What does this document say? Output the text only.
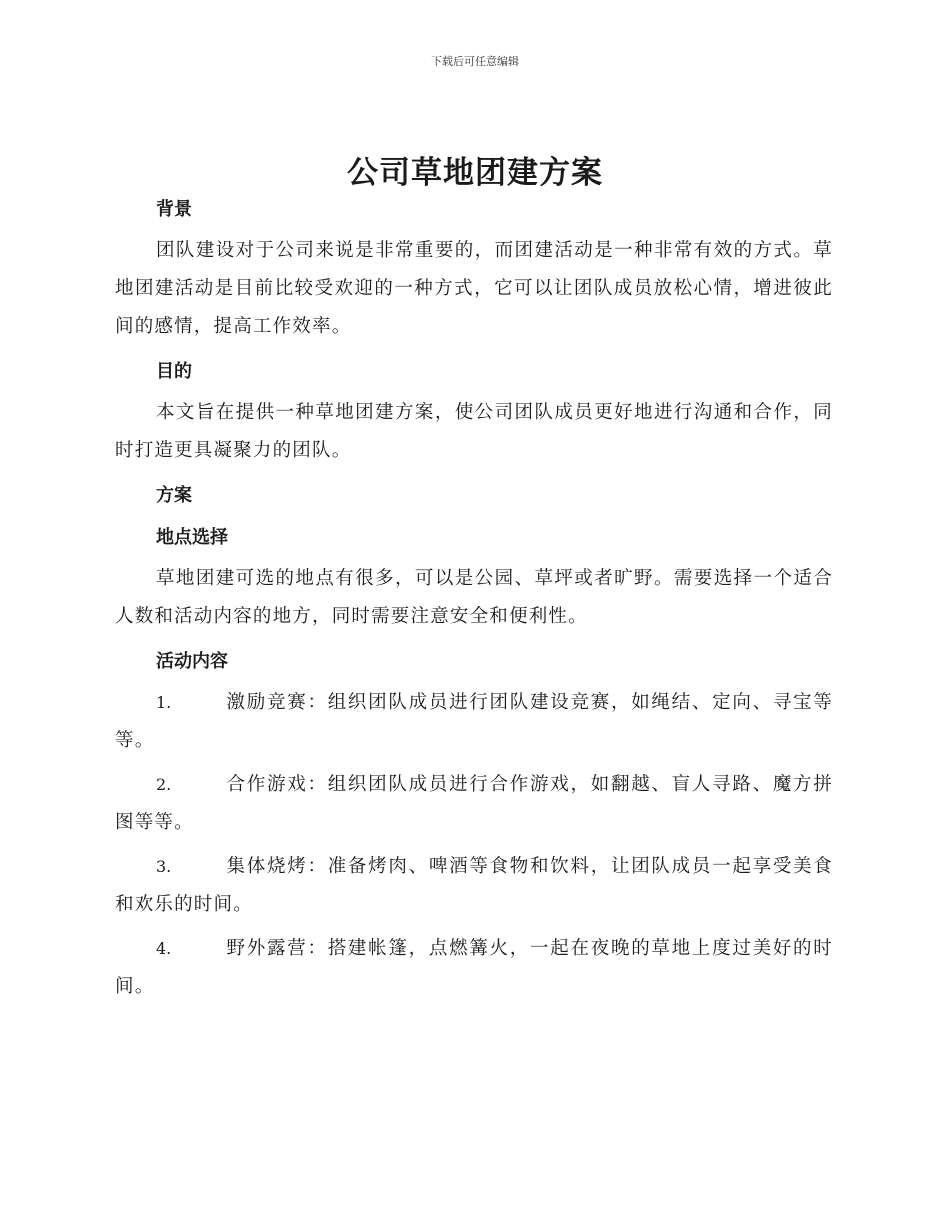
下载后可任意编辑
公司草地团建方案
背景

团队建设对于公司来说是非常重要的，而团建活动是一种非常有效的方式。草地团建活动是目前比较受欢迎的一种方式，它可以让团队成员放松心情，增进彼此间的感情，提高工作效率。

目的

本文旨在提供一种草地团建方案，使公司团队成员更好地进行沟通和合作，同时打造更具凝聚力的团队。

方案
地点选择

草地团建可选的地点有很多，可以是公园、草坪或者旷野。需要选择一个适合人数和活动内容的地方，同时需要注意安全和便利性。

活动内容

1.	激励竞赛：组织团队成员进行团队建设竞赛，如绳结、定向、寻宝等等。

2.	合作游戏：组织团队成员进行合作游戏，如翻越、盲人寻路、魔方拼图等等。

3.	集体烧烤：准备烤肉、啤酒等食物和饮料，让团队成员一起享受美食和欢乐的时间。

4.	野外露营：搭建帐篷，点燃篝火，一起在夜晚的草地上度过美好的时间。
